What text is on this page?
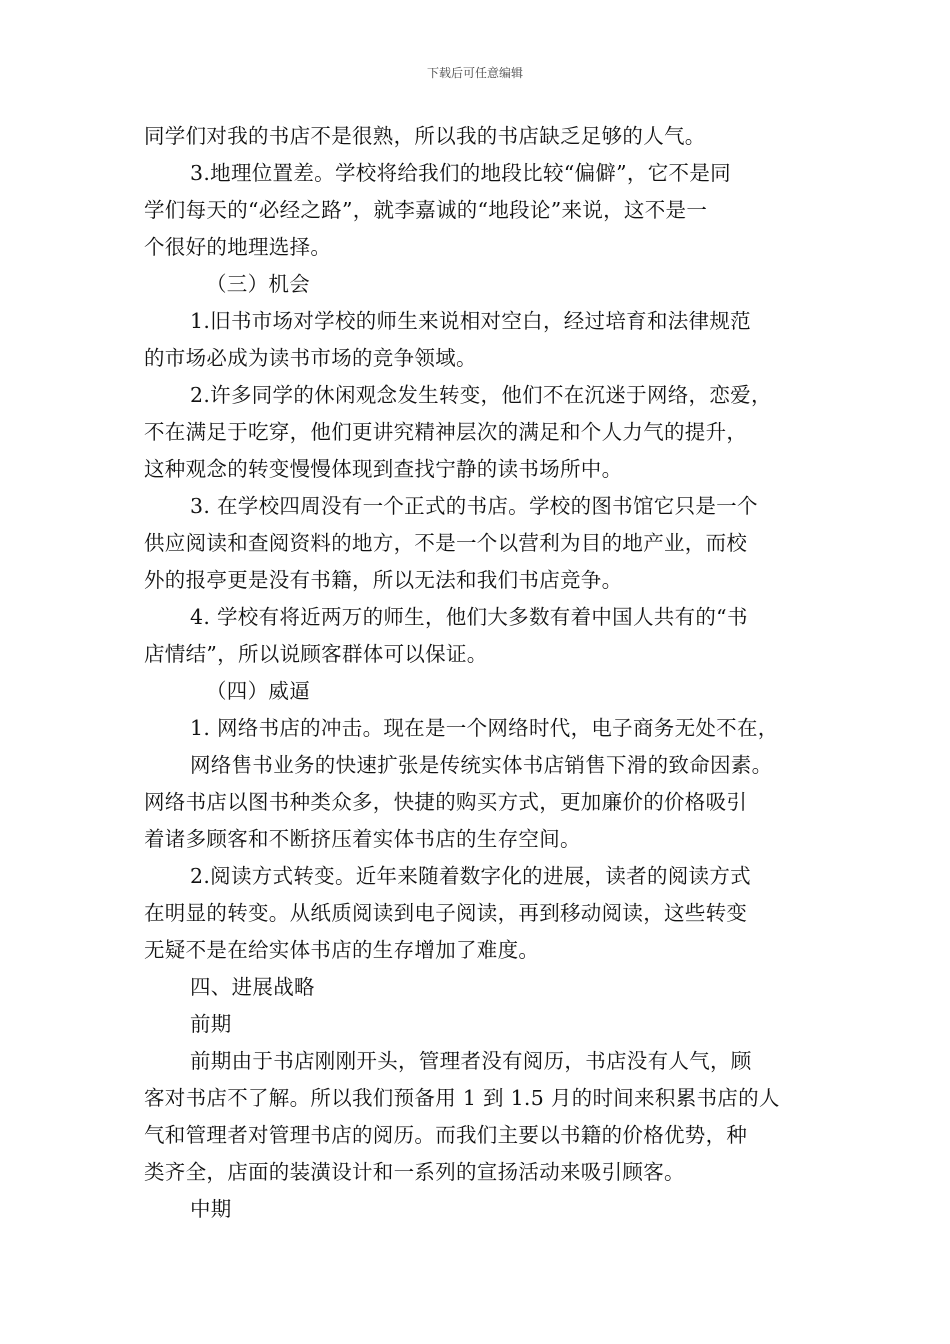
下载后可任意编辑
同学们对我的书店不是很熟，所以我的书店缺乏足够的人气。
3.地理位置差。学校将给我们的地段比较“偏僻”，它不是同
学们每天的“必经之路”，就李嘉诚的“地段论”来说，这不是一
个很好的地理选择。
（三）机会
1.旧书市场对学校的师生来说相对空白，经过培育和法律规范
的市场必成为读书市场的竞争领域。
2.许多同学的休闲观念发生转变，他们不在沉迷于网络，恋爱，
不在满足于吃穿，他们更讲究精神层次的满足和个人力气的提升，
这种观念的转变慢慢体现到查找宁静的读书场所中。
3. 在学校四周没有一个正式的书店。学校的图书馆它只是一个
供应阅读和查阅资料的地方，不是一个以营利为目的地产业，而校
外的报亭更是没有书籍，所以无法和我们书店竞争。
4. 学校有将近两万的师生，他们大多数有着中国人共有的“书
店情结”，所以说顾客群体可以保证。
（四）威逼
1. 网络书店的冲击。现在是一个网络时代，电子商务无处不在，
网络售书业务的快速扩张是传统实体书店销售下滑的致命因素。
网络书店以图书种类众多，快捷的购买方式，更加廉价的价格吸引
着诸多顾客和不断挤压着实体书店的生存空间。
2.阅读方式转变。近年来随着数字化的进展，读者的阅读方式
在明显的转变。从纸质阅读到电子阅读，再到移动阅读，这些转变
无疑不是在给实体书店的生存增加了难度。
四、进展战略
前期
前期由于书店刚刚开头，管理者没有阅历，书店没有人气，顾
客对书店不了解。所以我们预备用 1 到 1.5 月的时间来积累书店的人
气和管理者对管理书店的阅历。而我们主要以书籍的价格优势，种
类齐全，店面的装潢设计和一系列的宣扬活动来吸引顾客。
中期
